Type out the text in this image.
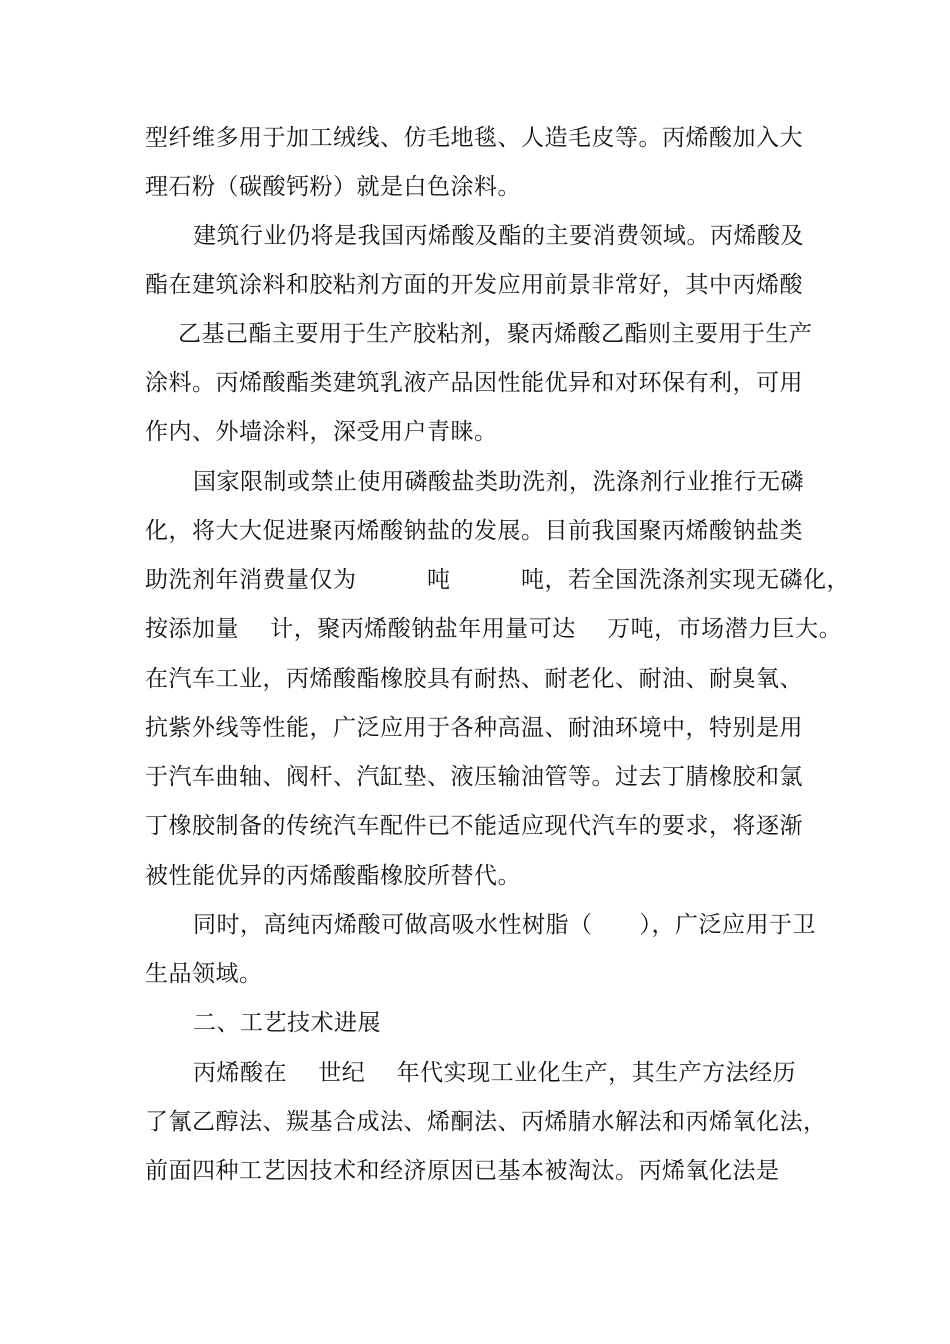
型纤维多用于加工绒线、仿毛地毯、人造毛皮等。丙烯酸加入大
理石粉（碳酸钙粉）就是白色涂料。
建筑行业仍将是我国丙烯酸及酯的主要消费领域。丙烯酸及
酯在建筑涂料和胶粘剂方面的开发应用前景非常好，其中丙烯酸
乙基己酯主要用于生产胶粘剂，聚丙烯酸乙酯则主要用于生产
涂料。丙烯酸酯类建筑乳液产品因性能优异和对环保有利，可用
作内、外墙涂料，深受用户青睐。
国家限制或禁止使用磷酸盐类助洗剂，洗涤剂行业推行无磷
化，将大大促进聚丙烯酸钠盐的发展。目前我国聚丙烯酸钠盐类
助洗剂年消费量仅为　　　吨　　　吨，若全国洗涤剂实现无磷化，
按添加量　 计，聚丙烯酸钠盐年用量可达　 万吨，市场潜力巨大。
在汽车工业，丙烯酸酯橡胶具有耐热、耐老化、耐油、耐臭氧、
抗紫外线等性能，广泛应用于各种高温、耐油环境中，特别是用
于汽车曲轴、阀杆、汽缸垫、液压输油管等。过去丁腈橡胶和氯
丁橡胶制备的传统汽车配件已不能适应现代汽车的要求，将逐渐
被性能优异的丙烯酸酯橡胶所替代。
同时，高纯丙烯酸可做高吸水性树脂（　　），广泛应用于卫
生品领域。
二、工艺技术进展
丙烯酸在　 世纪　 年代实现工业化生产，其生产方法经历
了氰乙醇法、羰基合成法、烯酮法、丙烯腈水解法和丙烯氧化法，
前面四种工艺因技术和经济原因已基本被淘汰。丙烯氧化法是
